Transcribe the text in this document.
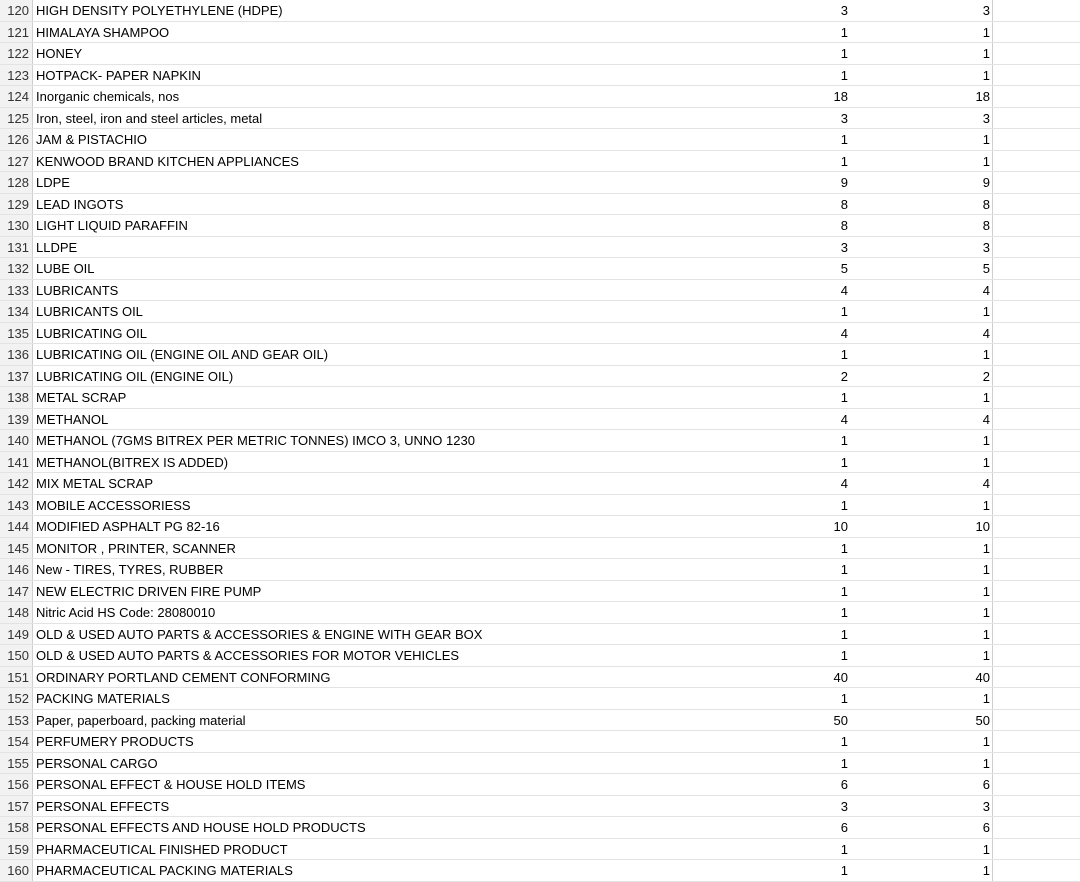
120 HIGH DENSITY POLYETHYLENE (HDPE)	3	3
121 HIMALAYA SHAMPOO	1	1
122 HONEY	1	1
123 HOTPACK- PAPER NAPKIN	1	1
124 Inorganic chemicals, nos	18	18
125 Iron, steel, iron and steel articles, metal	3	3
126 JAM & PISTACHIO	1	1
127 KENWOOD BRAND KITCHEN APPLIANCES	1	1
128 LDPE	9	9
129 LEAD INGOTS	8	8
130 LIGHT LIQUID PARAFFIN	8	8
131 LLDPE	3	3
132 LUBE OIL	5	5
133 LUBRICANTS	4	4
134 LUBRICANTS OIL	1	1
135 LUBRICATING OIL	4	4
136 LUBRICATING OIL (ENGINE OIL AND GEAR OIL)	1	1
137 LUBRICATING OIL (ENGINE OIL)	2	2
138 METAL SCRAP	1	1
139 METHANOL	4	4
140 METHANOL (7GMS BITREX PER METRIC TONNES) IMCO 3, UNNO 1230	1	1
141 METHANOL(BITREX IS ADDED)	1	1
142 MIX METAL SCRAP	4	4
143 MOBILE ACCESSORIESS	1	1
144 MODIFIED ASPHALT PG 82-16	10	10
145 MONITOR , PRINTER, SCANNER	1	1
146 New - TIRES, TYRES, RUBBER	1	1
147 NEW ELECTRIC DRIVEN FIRE PUMP	1	1
148 Nitric Acid HS Code: 28080010	1	1
149 OLD & USED AUTO PARTS & ACCESSORIES & ENGINE WITH GEAR BOX	1	1
150 OLD & USED AUTO PARTS & ACCESSORIES FOR MOTOR VEHICLES	1	1
151 ORDINARY PORTLAND CEMENT CONFORMING	40	40
152 PACKING MATERIALS	1	1
153 Paper, paperboard, packing material	50	50
154 PERFUMERY PRODUCTS	1	1
155 PERSONAL CARGO	1	1
156 PERSONAL EFFECT & HOUSE HOLD ITEMS	6	6
157 PERSONAL EFFECTS	3	3
158 PERSONAL EFFECTS AND HOUSE HOLD PRODUCTS	6	6
159 PHARMACEUTICAL FINISHED PRODUCT	1	1
160 PHARMACEUTICAL PACKING MATERIALS	1	1
